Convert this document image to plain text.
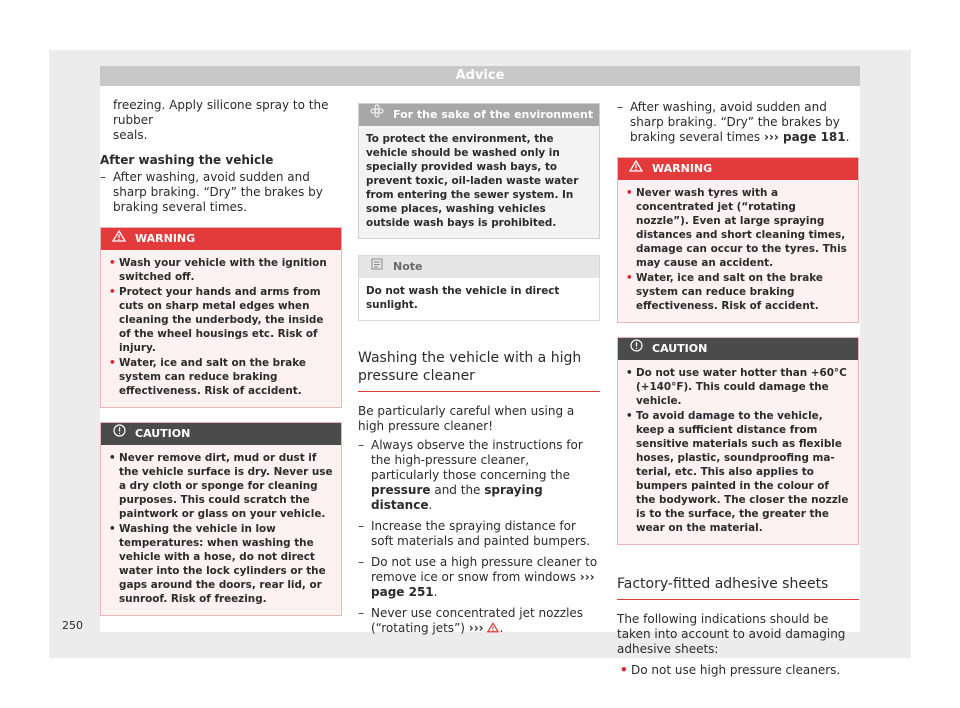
Advice

freezing. Apply silicone spray to the rubber

seals.

After washing the vehicle
– After washing, avoid sudden and sharp braking. “Dry” the brakes by braking several times.
WARNING
• Wash your vehicle with the ignition switched off.
• Protect your hands and arms from cuts on sharp metal edges when cleaning the underbody, the inside of the wheel housings etc. Risk of injury.
• Water, ice and salt on the brake system can reduce braking effectiveness. Risk of accident.
CAUTION
• Never remove dirt, mud or dust if the vehicle surface is dry. Never use a dry cloth or sponge for cleaning purposes. This could scratch the paintwork or glass on your vehicle.
• Washing the vehicle in low temperatures: when washing the vehicle with a hose, do not direct water into the lock cylinders or the gaps around the doors, rear lid, or sunroof. Risk of freezing.
For the sake of the environment
To protect the environment, the vehicle should be washed only in specially provided wash bays, to prevent toxic, oil-laden waste water from entering the sewer system. In some places, washing vehicles outside wash bays is prohibited.
Note
Do not wash the vehicle in direct sunlight.
Washing the vehicle with a high pressure cleaner

Be particularly careful when using a high pressure cleaner!

– Always observe the instructions for the high-pressure cleaner, particularly those concerning the pressure and the spraying distance.
– Increase the spraying distance for soft materials and painted bumpers.
– Do not use a high pressure cleaner to remove ice or snow from windows ››› page 251.
– Never use concentrated jet nozzles (“rotating jets”) ››› .
– After washing, avoid sudden and sharp braking. “Dry” the brakes by braking several times ››› page 181.
WARNING
• Never wash tyres with a concentrated jet (“rotating nozzle”). Even at large spraying distances and short cleaning times, damage can occur to the tyres. This may cause an accident.
• Water, ice and salt on the brake system can reduce braking effectiveness. Risk of accident.
CAUTION
• Do not use water hotter than +60°C (+140°F). This could damage the vehicle.
• To avoid damage to the vehicle, keep a sufficient distance from sensitive materials such as flexible hoses, plastic, soundproofing material, etc. This also applies to bumpers painted in the colour of the bodywork. The closer the nozzle is to the surface, the greater the wear on the material.
Factory-fitted adhesive sheets

The following indications should be taken into account to avoid damaging adhesive sheets:

• Do not use high pressure cleaners.
250
